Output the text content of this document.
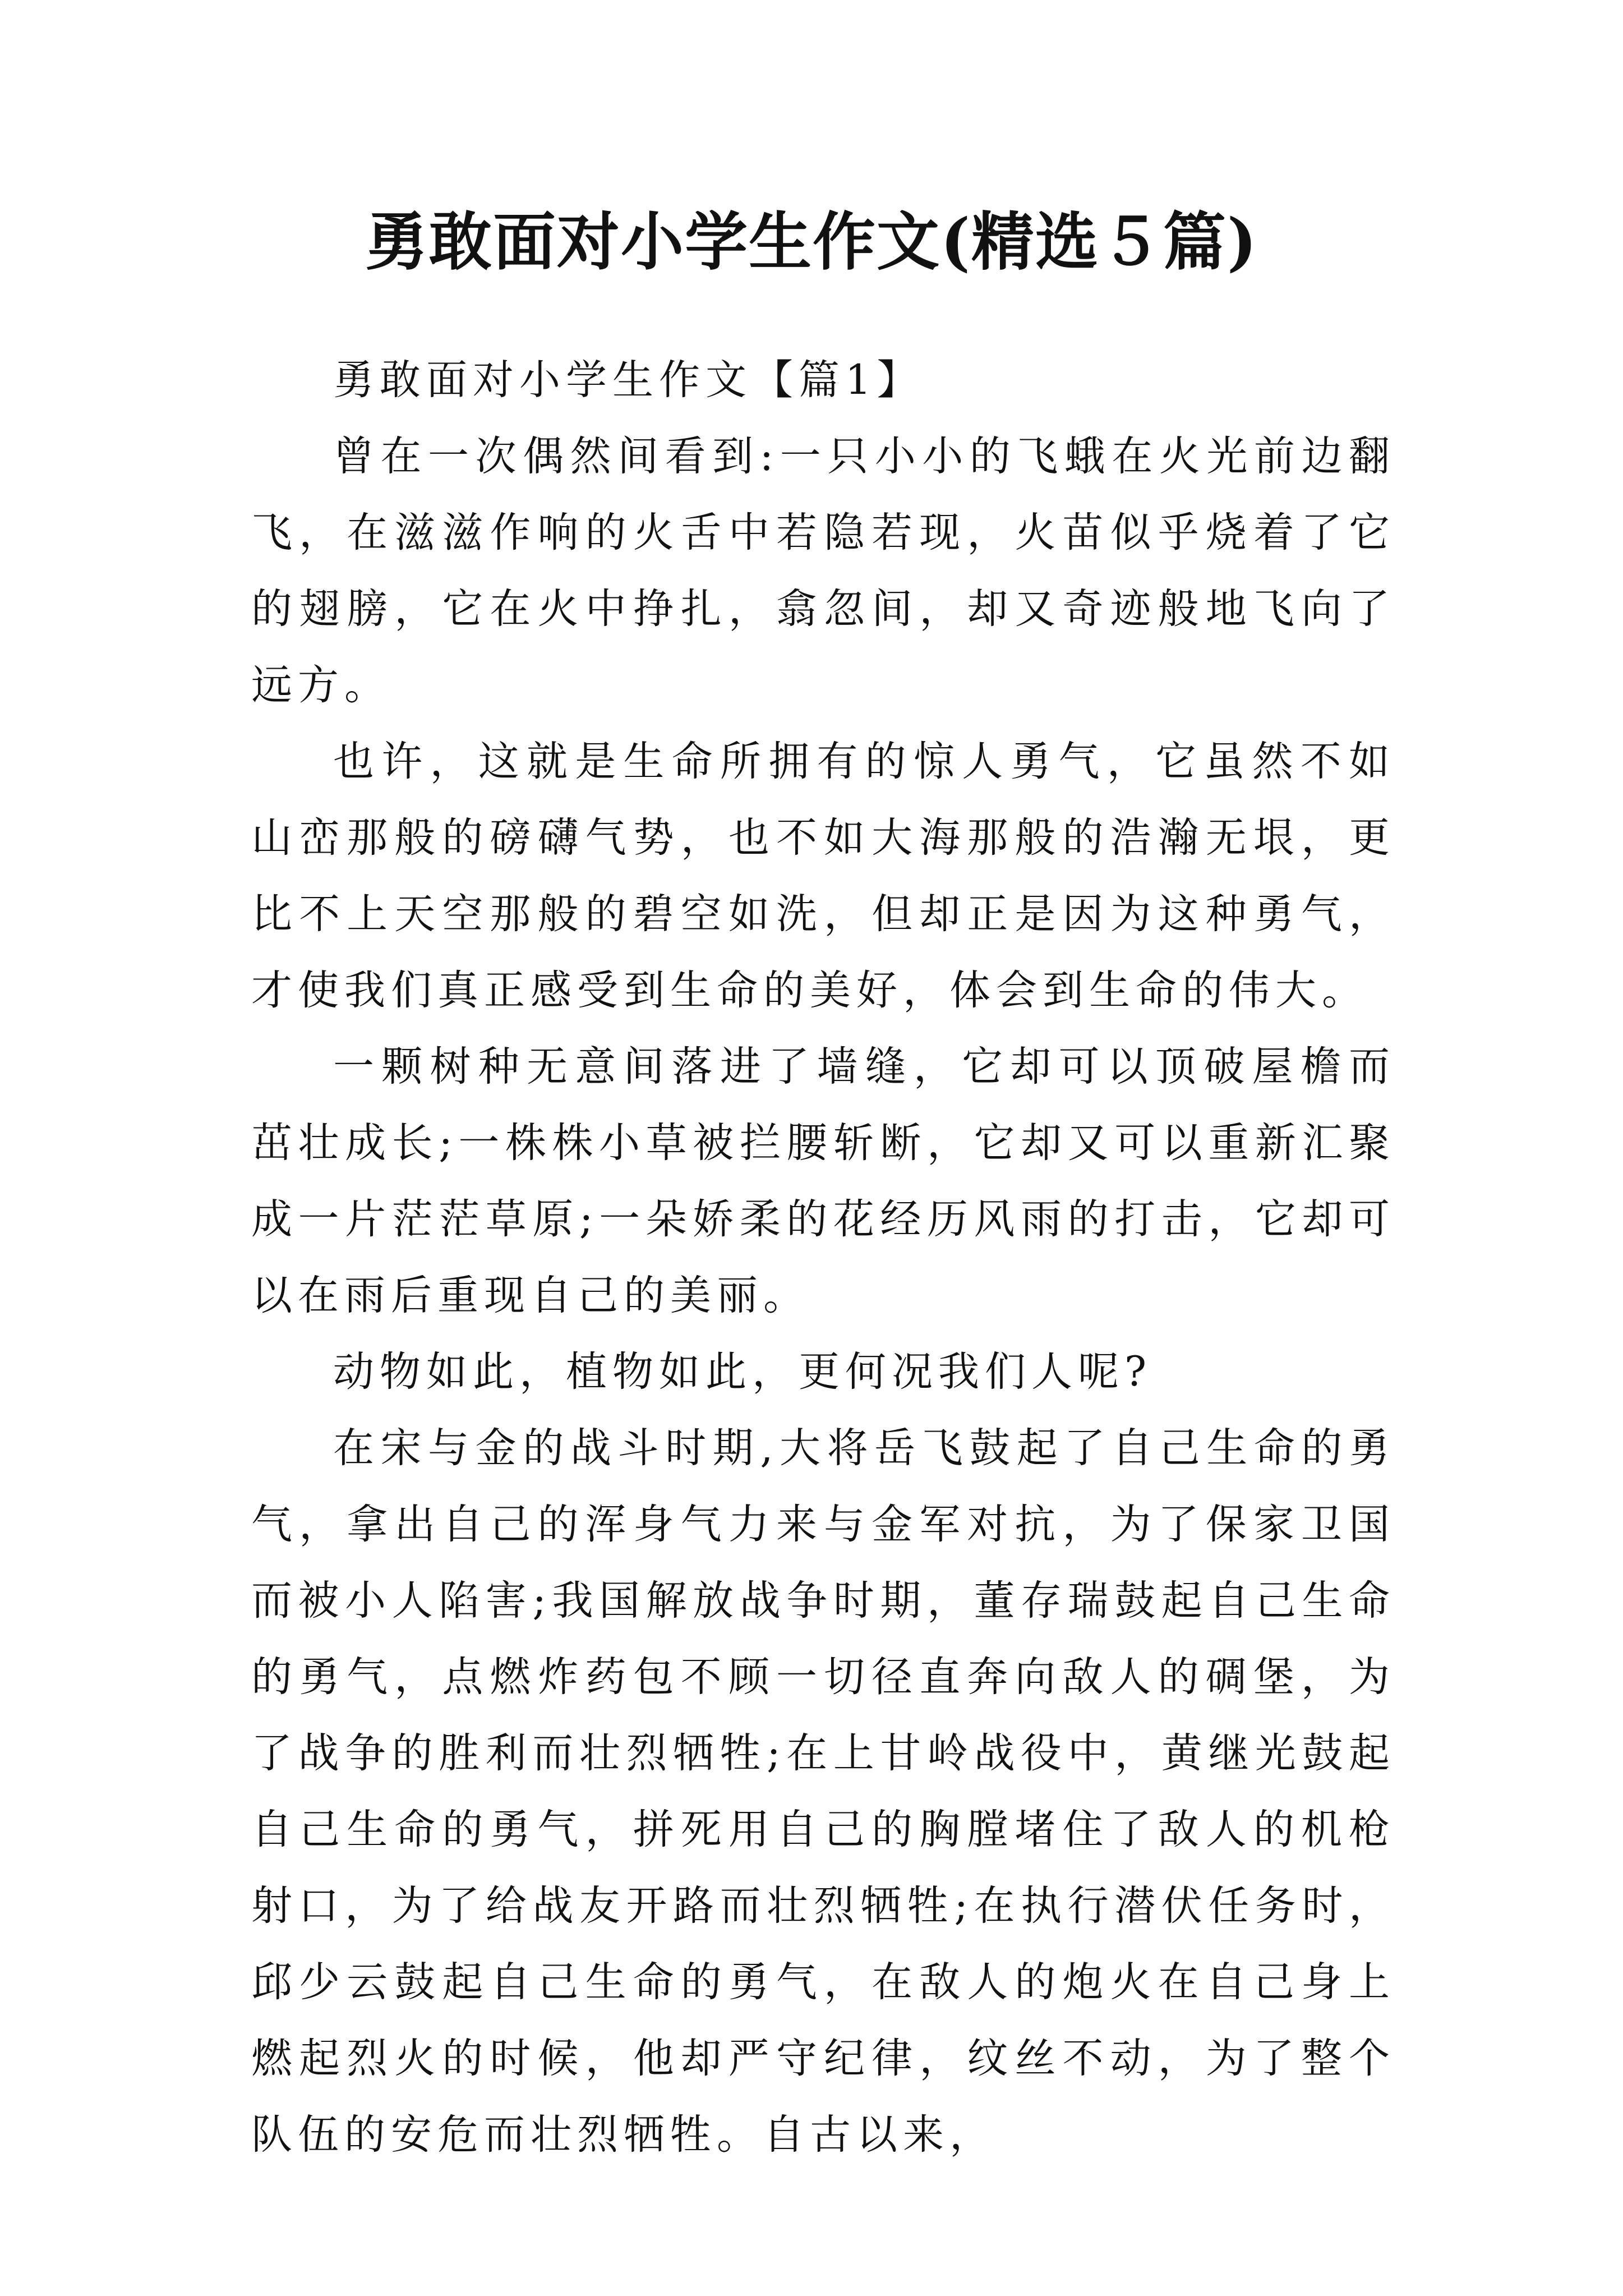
勇敢面对小学生作文(精选５篇)

勇敢面对小学生作文【篇1】

曾在一次偶然间看到:一只小小的飞蛾在火光前边翻飞，在滋滋作响的火舌中若隐若现，火苗似乎烧着了它的翅膀，它在火中挣扎，翕忽间，却又奇迹般地飞向了远方。

也许，这就是生命所拥有的惊人勇气，它虽然不如山峦那般的磅礴气势，也不如大海那般的浩瀚无垠，更比不上天空那般的碧空如洗，但却正是因为这种勇气，才使我们真正感受到生命的美好，体会到生命的伟大。

一颗树种无意间落进了墙缝，它却可以顶破屋檐而茁壮成长;一株株小草被拦腰斩断，它却又可以重新汇聚成一片茫茫草原;一朵娇柔的花经历风雨的打击，它却可以在雨后重现自己的美丽。

动物如此，植物如此，更何况我们人呢?

在宋与金的战斗时期,大将岳飞鼓起了自己生命的勇气，拿出自己的浑身气力来与金军对抗，为了保家卫国而被小人陷害;我国解放战争时期，董存瑞鼓起自己生命的勇气，点燃炸药包不顾一切径直奔向敌人的碉堡，为了战争的胜利而壮烈牺牲;在上甘岭战役中，黄继光鼓起自己生命的勇气，拼死用自己的胸膛堵住了敌人的机枪射口，为了给战友开路而壮烈牺牲;在执行潜伏任务时，邱少云鼓起自己生命的勇气，在敌人的炮火在自己身上燃起烈火的时候，他却严守纪律，纹丝不动，为了整个队伍的安危而壮烈牺牲。自古以来，
